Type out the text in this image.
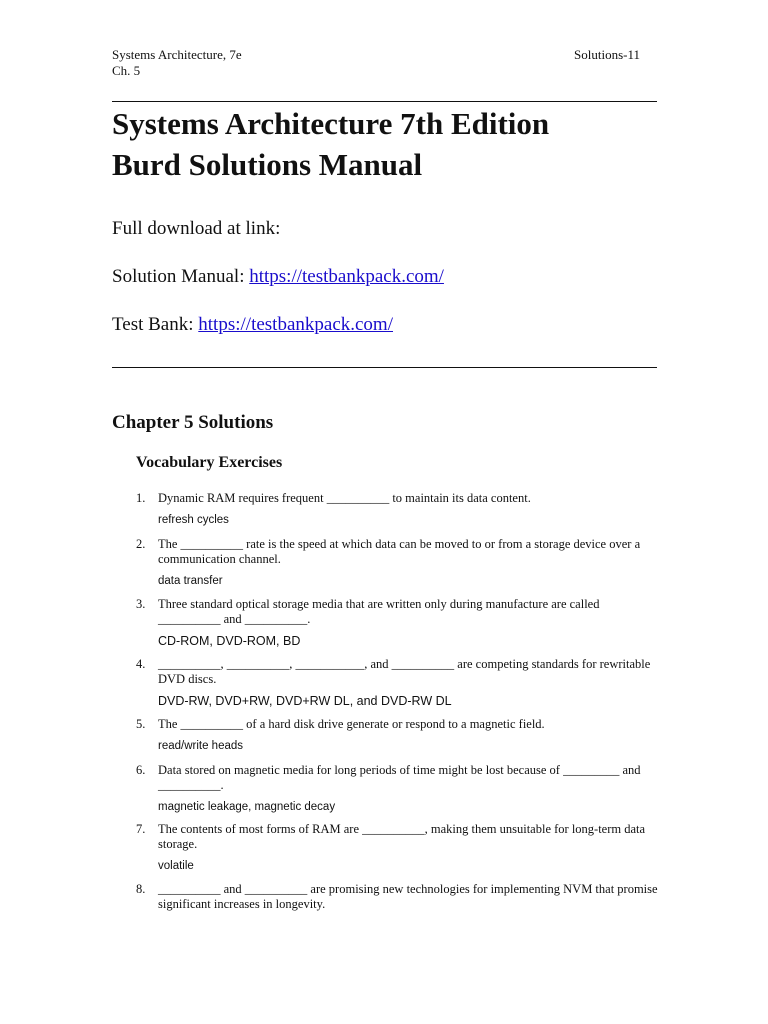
Systems Architecture, 7e
Ch. 5
Solutions-11
Systems Architecture 7th Edition
Burd Solutions Manual
Full download at link:
Solution Manual: https://testbankpack.com/
Test Bank: https://testbankpack.com/
Chapter 5 Solutions
Vocabulary Exercises
1.	Dynamic RAM requires frequent __________ to maintain its data content.
refresh cycles
2.	The __________ rate is the speed at which data can be moved to or from a storage device over a communication channel.
data transfer
3.	Three standard optical storage media that are written only during manufacture are called __________ and __________.
CD-ROM, DVD-ROM, BD
4.	__________, __________, ___________, and __________ are competing standards for rewritable DVD discs.
DVD-RW, DVD+RW, DVD+RW DL, and DVD-RW DL
5.	The __________ of a hard disk drive generate or respond to a magnetic field.
read/write heads
6.	Data stored on magnetic media for long periods of time might be lost because of _________ and __________.
magnetic leakage, magnetic decay
7.	The contents of most forms of RAM are __________, making them unsuitable for long-term data storage.
volatile
8.	__________ and __________ are promising new technologies for implementing NVM that promise significant increases in longevity.
